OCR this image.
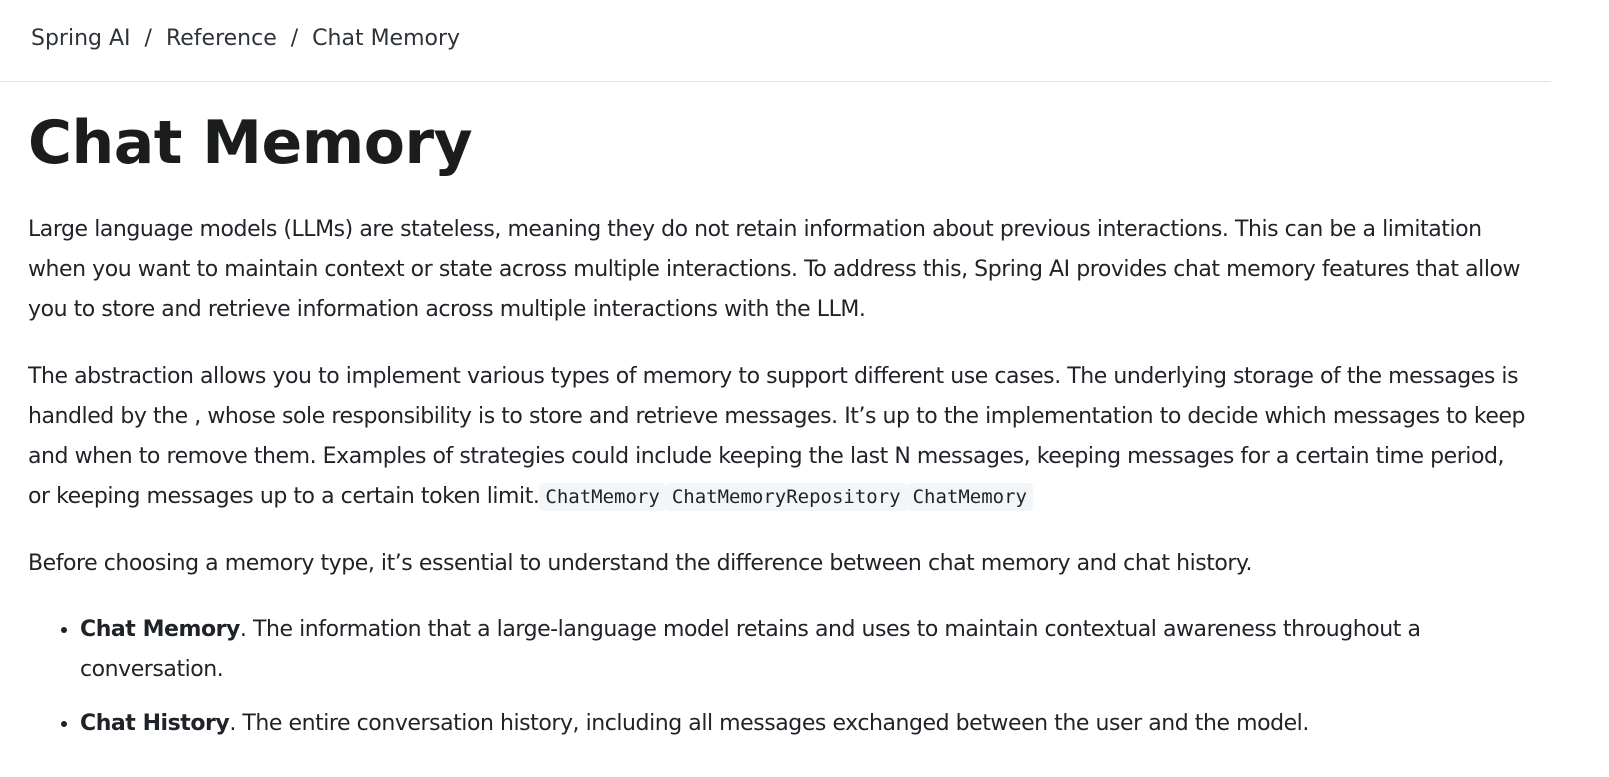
Spring AI / Reference / Chat Memory
Chat Memory

Large language models (LLMs) are stateless, meaning they do not retain information about previous interactions. This can be a limitation when you want to maintain context or state across multiple interactions. To address this, Spring AI provides chat memory features that allow you to store and retrieve information across multiple interactions with the LLM.

The abstraction allows you to implement various types of memory to support different use cases. The underlying storage of the messages is handled by the , whose sole responsibility is to store and retrieve messages. It’s up to the implementation to decide which messages to keep and when to remove them. Examples of strategies could include keeping the last N messages, keeping messages for a certain time period, or keeping messages up to a certain token limit. ChatMemory ChatMemoryRepository ChatMemory

Before choosing a memory type, it’s essential to understand the difference between chat memory and chat history.

• Chat Memory. The information that a large-language model retains and uses to maintain contextual awareness throughout a conversation.
• Chat History. The entire conversation history, including all messages exchanged between the user and the model.
